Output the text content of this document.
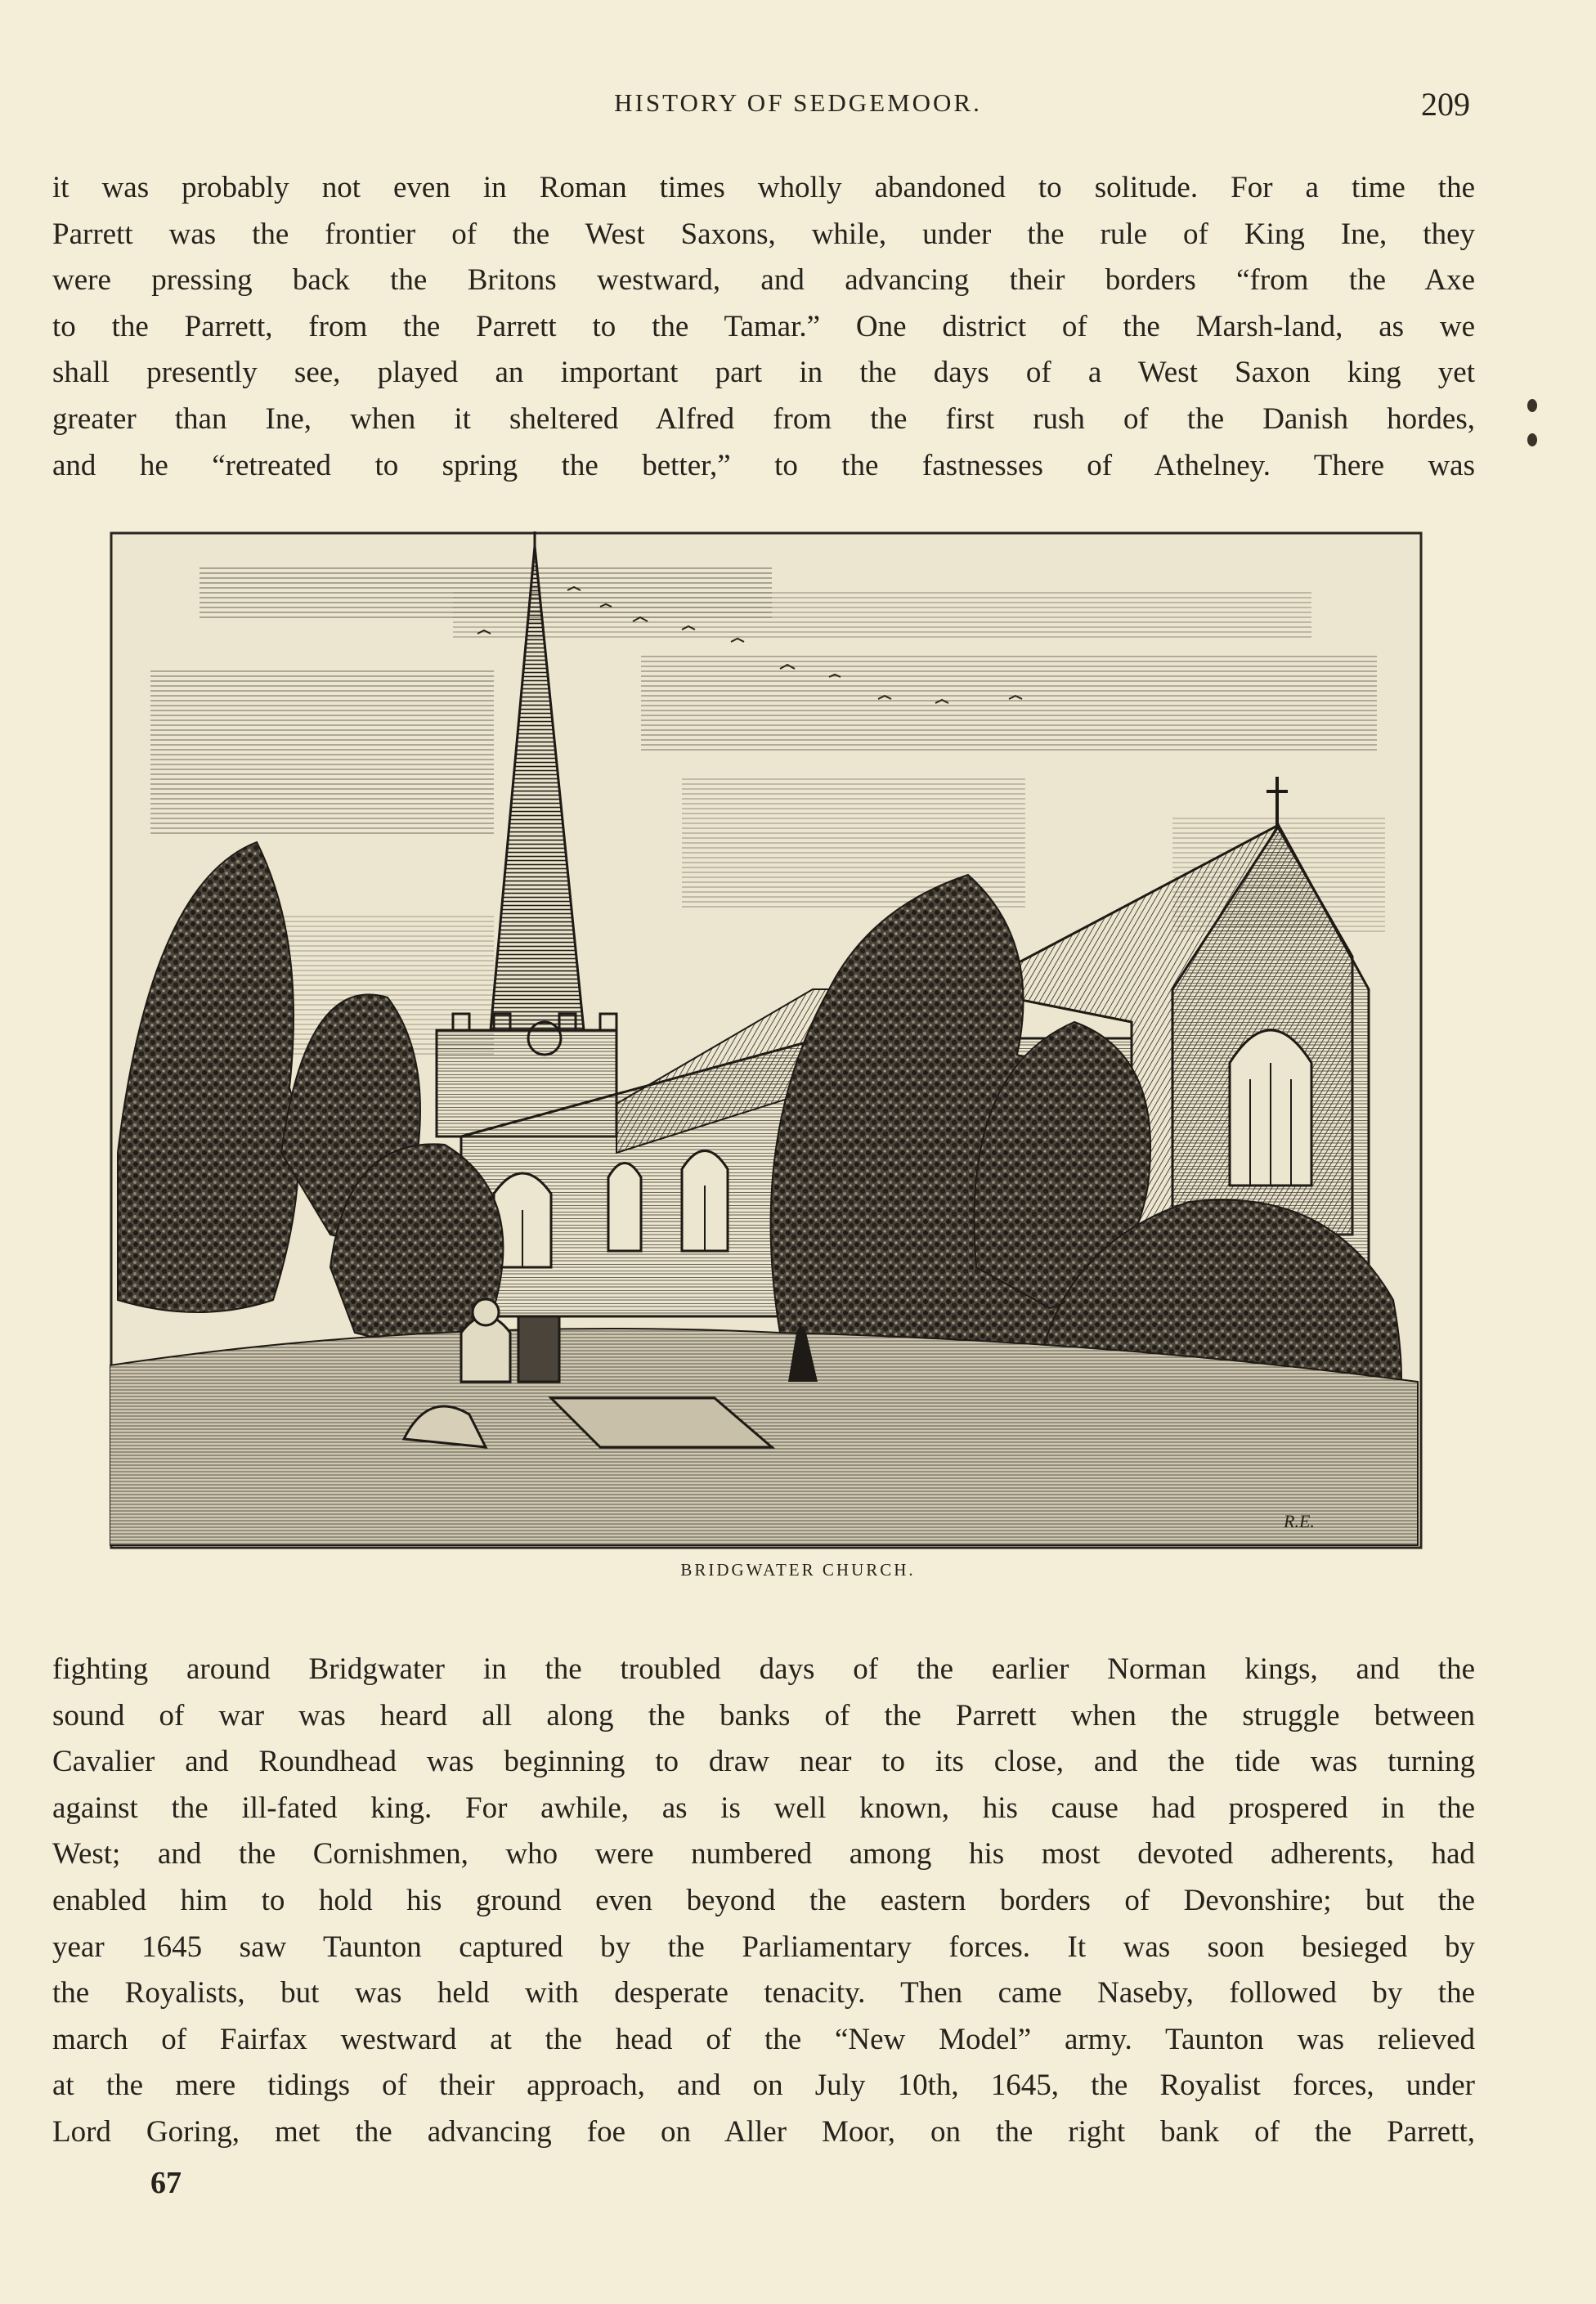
HISTORY OF SEDGEMOOR.	209
it was probably not even in Roman times wholly abandoned to solitude. For a time the
Parrett was the frontier of the West Saxons, while, under the rule of King Ine, they
were pressing back the Britons westward, and advancing their borders “from the Axe
to the Parrett, from the Parrett to the Tamar.” One district of the Marsh-land, as we
shall presently see, played an important part in the days of a West Saxon king yet
greater than Ine, when it sheltered Alfred from the first rush of the Danish hordes,
and he “retreated to spring the better,” to the fastnesses of Athelney. There was
R.E.
BRIDGWATER CHURCH.
fighting around Bridgwater in the troubled days of the earlier Norman kings, and the
sound of war was heard all along the banks of the Parrett when the struggle between
Cavalier and Roundhead was beginning to draw near to its close, and the tide was turning
against the ill-fated king. For awhile, as is well known, his cause had prospered in the
West; and the Cornishmen, who were numbered among his most devoted adherents, had
enabled him to hold his ground even beyond the eastern borders of Devonshire; but the
year 1645 saw Taunton captured by the Parliamentary forces. It was soon besieged by
the Royalists, but was held with desperate tenacity. Then came Naseby, followed by the
march of Fairfax westward at the head of the “New Model” army. Taunton was relieved
at the mere tidings of their approach, and on July 10th, 1645, the Royalist forces, under
Lord Goring, met the advancing foe on Aller Moor, on the right bank of the Parrett,
67
